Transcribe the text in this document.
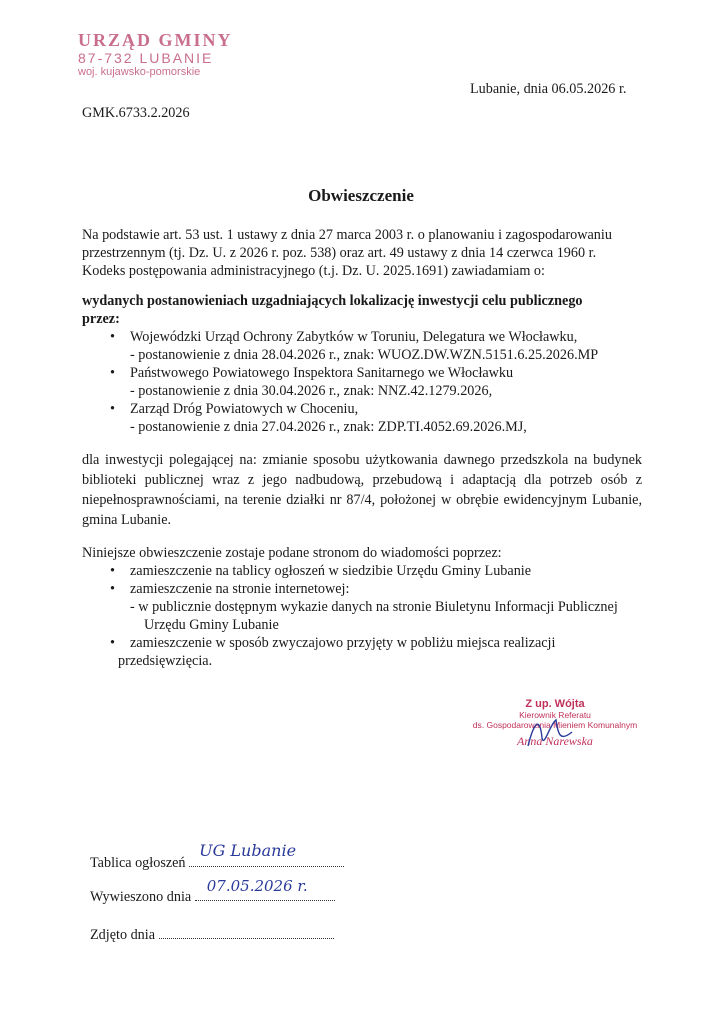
URZĄD GMINY
87-732 LUBANIE
woj. kujawsko-pomorskie
Lubanie, dnia 06.05.2026 r.
GMK.6733.2.2026
Obwieszczenie
Na podstawie art. 53 ust. 1 ustawy z dnia 27 marca 2003 r. o planowaniu i zagospodarowaniu
przestrzennym (tj. Dz. U. z 2026 r. poz. 538) oraz art. 49 ustawy z dnia 14 czerwca 1960 r.
Kodeks postępowania administracyjnego (t.j. Dz. U. 2025.1691) zawiadamiam o:
wydanych postanowieniach uzgadniających lokalizację inwestycji celu publicznego
przez:
• Wojewódzki Urząd Ochrony Zabytków w Toruniu, Delegatura we Włocławku,
- postanowienie z dnia 28.04.2026 r., znak: WUOZ.DW.WZN.5151.6.25.2026.MP
• Państwowego Powiatowego Inspektora Sanitarnego we Włocławku
- postanowienie z dnia 30.04.2026 r., znak: NNZ.42.1279.2026,
• Zarząd Dróg Powiatowych w Choceniu,
- postanowienie z dnia 27.04.2026 r., znak: ZDP.TI.4052.69.2026.MJ,
dla inwestycji polegającej na: zmianie sposobu użytkowania dawnego przedszkola na budynek biblioteki publicznej wraz z jego nadbudową, przebudową i adaptacją dla potrzeb osób z niepełnosprawnościami, na terenie działki nr 87/4, położonej w obrębie ewidencyjnym Lubanie, gmina Lubanie.
Niniejsze obwieszczenie zostaje podane stronom do wiadomości poprzez:
• zamieszczenie na tablicy ogłoszeń w siedzibie Urzędu Gminy Lubanie
• zamieszczenie na stronie internetowej:
- w publicznie dostępnym wykazie danych na stronie Biuletynu Informacji Publicznej
Urzędu Gminy Lubanie
• zamieszczenie w sposób zwyczajowo przyjęty w pobliżu miejsca realizacji
przedsięwzięcia.
Z up. Wójta
Kierownik Referatu
ds. Gospodarowania Mieniem Komunalnym
Anna Narewska
Tablica ogłoszeń
UG Lubanie
Wywieszono dnia
07.05.2026 r.
Zdjęto dnia
